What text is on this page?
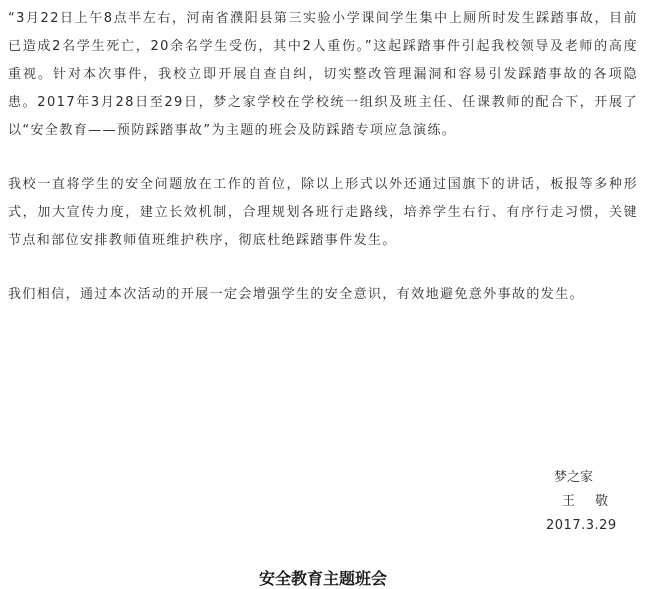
“3月22日上午8点半左右，河南省濮阳县第三实验小学课间学生集中上厕所时发生踩踏事故，目前已造成2名学生死亡，20余名学生受伤，其中2人重伤。”这起踩踏事件引起我校领导及老师的高度重视。针对本次事件，我校立即开展自查自纠，切实整改管理漏洞和容易引发踩踏事故的各项隐患。2017年3月28日至29日，梦之家学校在学校统一组织及班主任、任课教师的配合下，开展了以“安全教育——预防踩踏事故”为主题的班会及防踩踏专项应急演练。

我校一直将学生的安全问题放在工作的首位，除以上形式以外还通过国旗下的讲话，板报等多种形式，加大宣传力度，建立长效机制，合理规划各班行走路线，培养学生右行、有序行走习惯，关键节点和部位安排教师值班维护秩序，彻底杜绝踩踏事件发生。

我们相信，通过本次活动的开展一定会增强学生的安全意识，有效地避免意外事故的发生。

梦之家
王 敬
2017.3.29
安全教育主题班会
